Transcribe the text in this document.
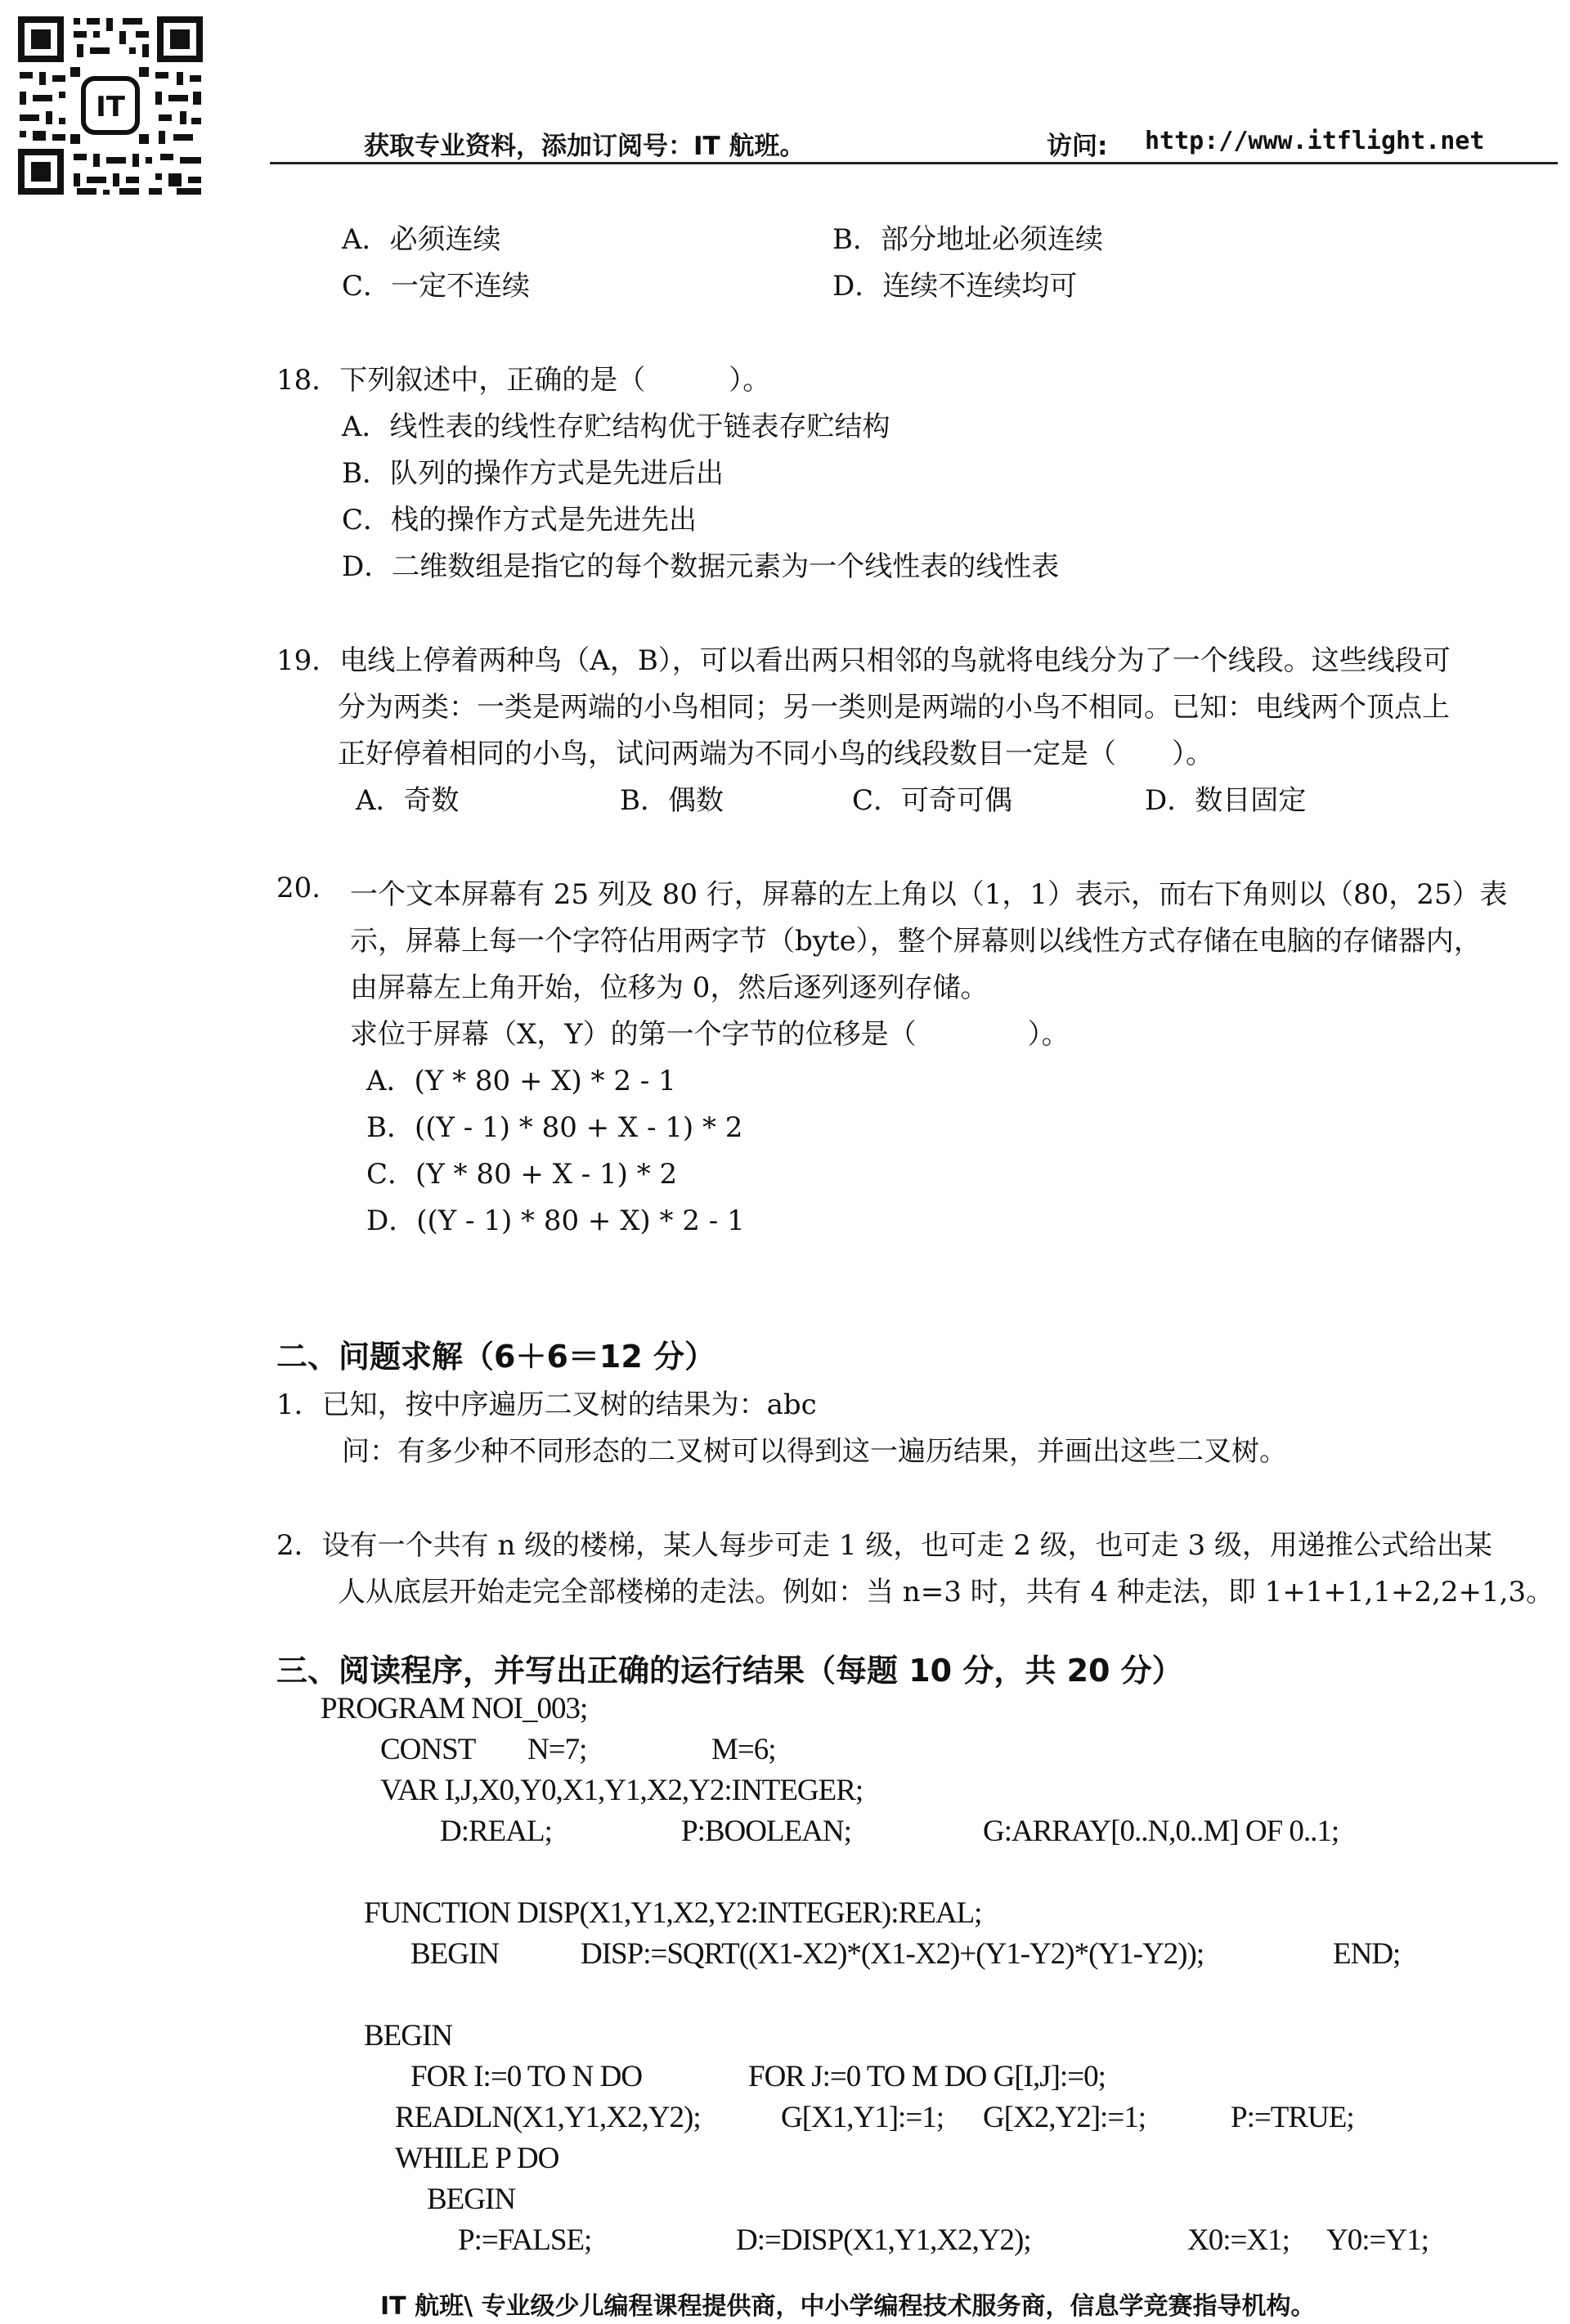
IT
获取专业资料，添加订阅号：IT 航班。	访问: http://www.itflight.net
A．必须连续	B．部分地址必须连续
C．一定不连续	D．连续不连续均可
18．下列叙述中，正确的是（　　　）。
A．线性表的线性存贮结构优于链表存贮结构
B．队列的操作方式是先进后出
C．栈的操作方式是先进先出
D．二维数组是指它的每个数据元素为一个线性表的线性表
19．电线上停着两种鸟（A，B），可以看出两只相邻的鸟就将电线分为了一个线段。这些线段可
分为两类：一类是两端的小鸟相同；另一类则是两端的小鸟不相同。已知：电线两个顶点上
正好停着相同的小鸟，试问两端为不同小鸟的线段数目一定是（　　）。
A．奇数	B．偶数	C．可奇可偶	D．数目固定
20. 一个文本屏幕有 25 列及 80 行，屏幕的左上角以（1，1）表示，而右下角则以（80，25）表
示，屏幕上每一个字符佔用两字节（byte），整个屏幕则以线性方式存储在电脑的存储器内，
由屏幕左上角开始，位移为 0，然后逐列逐列存储。
求位于屏幕（X，Y）的第一个字节的位移是（　　　　）。
A．(Y * 80 + X) * 2 - 1
B．((Y - 1) * 80 + X - 1) * 2
C．(Y * 80 + X - 1) * 2
D．((Y - 1) * 80 + X) * 2 - 1
二、问题求解（6＋6＝12 分）
1．已知，按中序遍历二叉树的结果为：abc
问：有多少种不同形态的二叉树可以得到这一遍历结果，并画出这些二叉树。
2．设有一个共有 n 级的楼梯，某人每步可走 1 级，也可走 2 级，也可走 3 级，用递推公式给出某
人从底层开始走完全部楼梯的走法。例如：当 n=3 时，共有 4 种走法，即 1+1+1,1+2,2+1,3。
三、阅读程序，并写出正确的运行结果（每题 10 分，共 20 分）
PROGRAM NOI_003;
CONST N=7;	M=6;
VAR I,J,X0,Y0,X1,Y1,X2,Y2:INTEGER;
D:REAL;	P:BOOLEAN;	G:ARRAY[0..N,0..M] OF 0..1;
FUNCTION DISP(X1,Y1,X2,Y2:INTEGER):REAL;
BEGIN	DISP:=SQRT((X1-X2)*(X1-X2)+(Y1-Y2)*(Y1-Y2));	END;
BEGIN
FOR I:=0 TO N DO	FOR J:=0 TO M DO G[I,J]:=0;
READLN(X1,Y1,X2,Y2);	G[X1,Y1]:=1; G[X2,Y2]:=1;	P:=TRUE;
WHILE P DO
BEGIN
P:=FALSE;	D:=DISP(X1,Y1,X2,Y2);	X0:=X1; Y0:=Y1;
IT 航班\ 专业级少儿编程课程提供商，中小学编程技术服务商，信息学竞赛指导机构。
